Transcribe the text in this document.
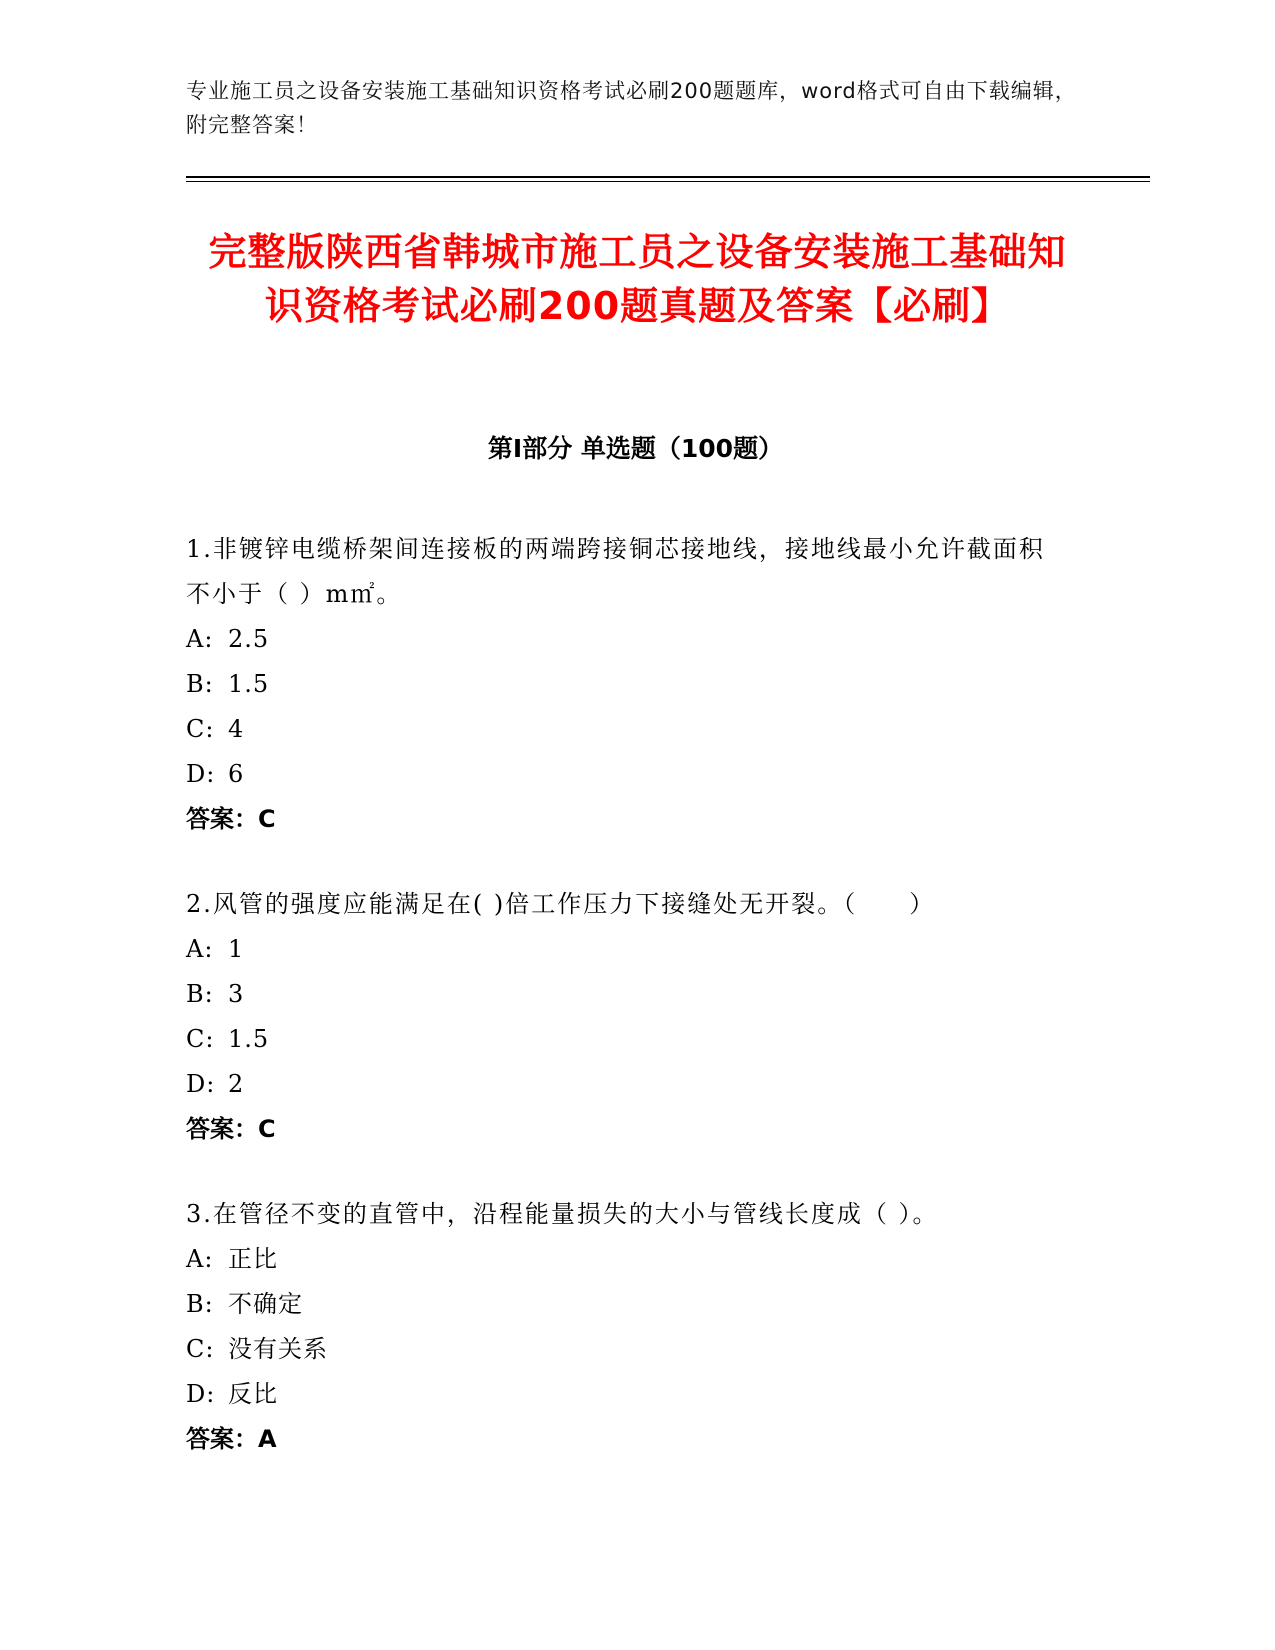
专业施工员之设备安装施工基础知识资格考试必刷200题题库，word格式可自由下载编辑，附完整答案！
完整版陕西省韩城市施工员之设备安装施工基础知识资格考试必刷200题真题及答案【必刷】
第Ⅰ部分 单选题（100题）

1.非镀锌电缆桥架间连接板的两端跨接铜芯接地线，接地线最小允许截面积不小于（ ）m㎡。

A: 2.5

B: 1.5

C: 4

D: 6

答案：C

2.风管的强度应能满足在( )倍工作压力下接缝处无开裂。（　　）

A: 1

B: 3

C: 1.5

D: 2

答案：C

3.在管径不变的直管中，沿程能量损失的大小与管线长度成（ ）。

A: 正比

B: 不确定

C: 没有关系

D: 反比

答案：A
